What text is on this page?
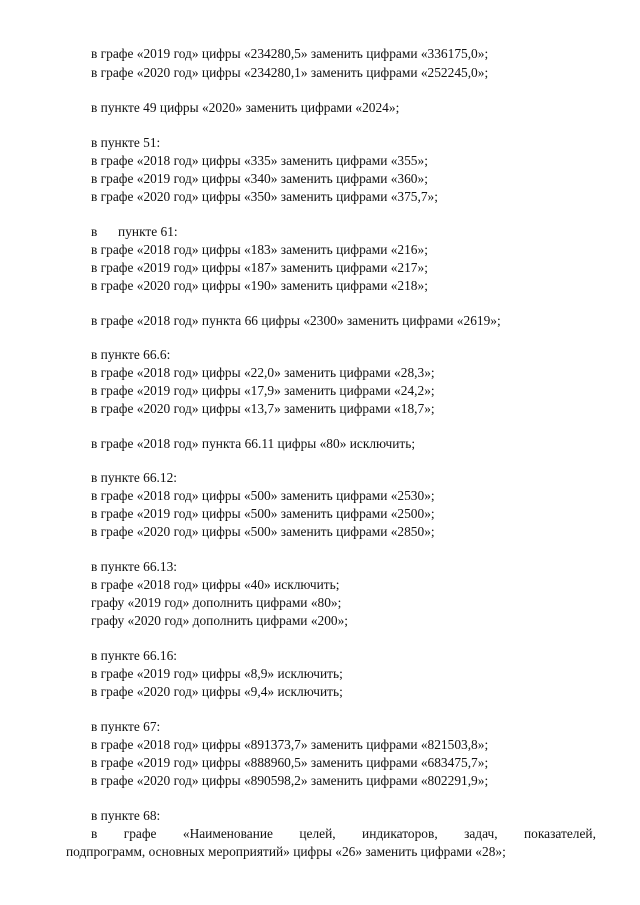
в графе «2019 год» цифры «234280,5» заменить цифрами «336175,0»;
в графе «2020 год» цифры «234280,1» заменить цифрами «252245,0»;
в пункте 49 цифры «2020» заменить цифрами «2024»;
в пункте 51:
в графе «2018 год» цифры «335» заменить цифрами «355»;
в графе «2019 год» цифры «340» заменить цифрами «360»;
в графе «2020 год» цифры «350» заменить цифрами «375,7»;
в пункте 61:
в графе «2018 год» цифры «183» заменить цифрами «216»;
в графе «2019 год» цифры «187» заменить цифрами «217»;
в графе «2020 год» цифры «190» заменить цифрами «218»;
в графе «2018 год» пункта 66 цифры «2300» заменить цифрами «2619»;
в пункте 66.6:
в графе «2018 год» цифры «22,0» заменить цифрами «28,3»;
в графе «2019 год» цифры «17,9» заменить цифрами «24,2»;
в графе «2020 год» цифры «13,7» заменить цифрами «18,7»;
в графе «2018 год» пункта 66.11 цифры «80» исключить;
в пункте 66.12:
в графе «2018 год» цифры «500» заменить цифрами «2530»;
в графе «2019 год» цифры «500» заменить цифрами «2500»;
в графе «2020 год» цифры «500» заменить цифрами «2850»;
в пункте 66.13:
в графе «2018 год» цифры «40» исключить;
графу «2019 год» дополнить цифрами «80»;
графу «2020 год» дополнить цифрами «200»;
в пункте 66.16:
в графе «2019 год» цифры «8,9» исключить;
в графе «2020 год» цифры «9,4» исключить;
в пункте 67:
в графе «2018 год» цифры «891373,7» заменить цифрами «821503,8»;
в графе «2019 год» цифры «888960,5» заменить цифрами «683475,7»;
в графе «2020 год» цифры «890598,2» заменить цифрами «802291,9»;
в пункте 68:
в графе «Наименование целей, индикаторов, задач, показателей,
подпрограмм, основных мероприятий» цифры «26» заменить цифрами «28»;
